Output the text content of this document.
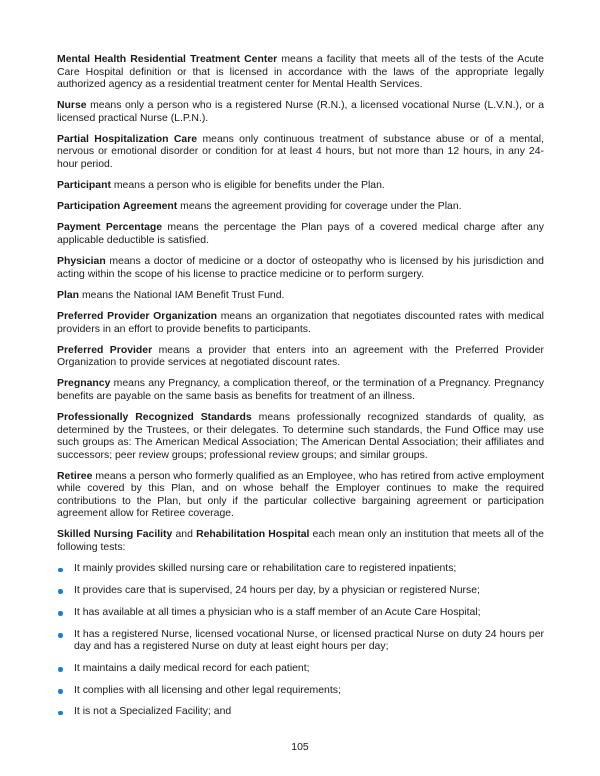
Mental Health Residential Treatment Center means a facility that meets all of the tests of the Acute Care Hospital definition or that is licensed in accordance with the laws of the appropriate legally authorized agency as a residential treatment center for Mental Health Services.

Nurse means only a person who is a registered Nurse (R.N.), a licensed vocational Nurse (L.V.N.), or a licensed practical Nurse (L.P.N.).

Partial Hospitalization Care means only continuous treatment of substance abuse or of a mental, nervous or emotional disorder or condition for at least 4 hours, but not more than 12 hours, in any 24-hour period.

Participant means a person who is eligible for benefits under the Plan.

Participation Agreement means the agreement providing for coverage under the Plan.

Payment Percentage means the percentage the Plan pays of a covered medical charge after any applicable deductible is satisfied.

Physician means a doctor of medicine or a doctor of osteopathy who is licensed by his jurisdiction and acting within the scope of his license to practice medicine or to perform surgery.

Plan means the National IAM Benefit Trust Fund.

Preferred Provider Organization means an organization that negotiates discounted rates with medical providers in an effort to provide benefits to participants.

Preferred Provider means a provider that enters into an agreement with the Preferred Provider Organization to provide services at negotiated discount rates.

Pregnancy means any Pregnancy, a complication thereof, or the termination of a Pregnancy. Pregnancy benefits are payable on the same basis as benefits for treatment of an illness.

Professionally Recognized Standards means professionally recognized standards of quality, as determined by the Trustees, or their delegates. To determine such standards, the Fund Office may use such groups as: The American Medical Association; The American Dental Association; their affiliates and successors; peer review groups; professional review groups; and similar groups.

Retiree means a person who formerly qualified as an Employee, who has retired from active employment while covered by this Plan, and on whose behalf the Employer continues to make the required contributions to the Plan, but only if the particular collective bargaining agreement or participation agreement allow for Retiree coverage.

Skilled Nursing Facility and Rehabilitation Hospital each mean only an institution that meets all of the following tests:

It mainly provides skilled nursing care or rehabilitation care to registered inpatients;
It provides care that is supervised, 24 hours per day, by a physician or registered Nurse;
It has available at all times a physician who is a staff member of an Acute Care Hospital;
It has a registered Nurse, licensed vocational Nurse, or licensed practical Nurse on duty 24 hours per day and has a registered Nurse on duty at least eight hours per day;
It maintains a daily medical record for each patient;
It complies with all licensing and other legal requirements;
It is not a Specialized Facility; and
105
